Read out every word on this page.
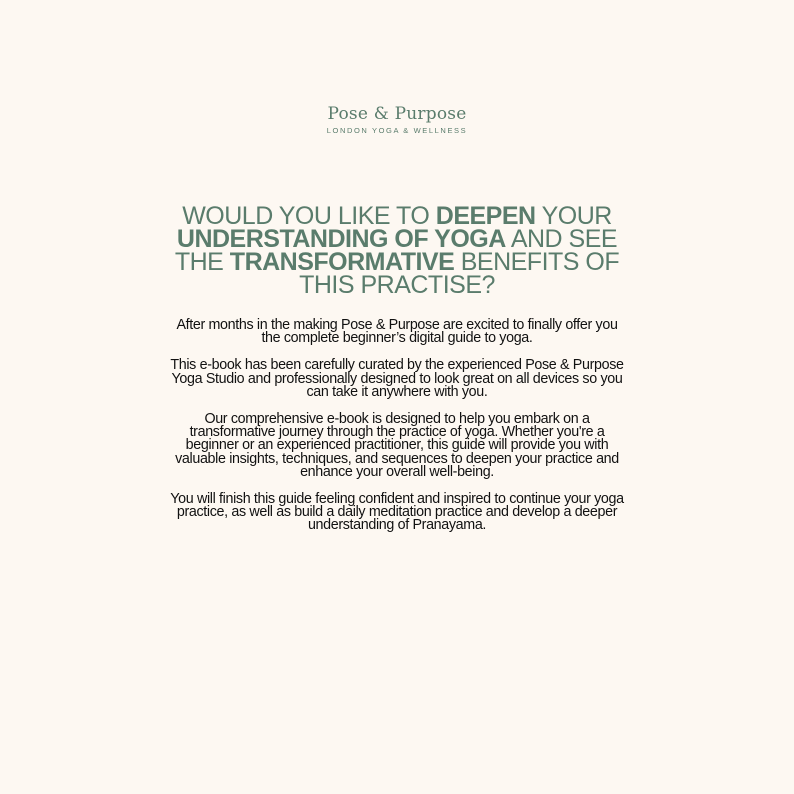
Pose & Purpose
LONDON YOGA & WELLNESS
WOULD YOU LIKE TO DEEPEN YOUR UNDERSTANDING OF YOGA AND SEE THE TRANSFORMATIVE BENEFITS OF THIS PRACTISE?

After months in the making Pose & Purpose are excited to finally offer you the complete beginner’s digital guide to yoga.

This e-book has been carefully curated by the experienced Pose & Purpose Yoga Studio and professionally designed to look great on all devices so you can take it anywhere with you.

Our comprehensive e-book is designed to help you embark on a transformative journey through the practice of yoga. Whether you're a beginner or an experienced practitioner, this guide will provide you with valuable insights, techniques, and sequences to deepen your practice and enhance your overall well-being.

You will finish this guide feeling confident and inspired to continue your yoga practice, as well as build a daily meditation practice and develop a deeper understanding of Pranayama.
